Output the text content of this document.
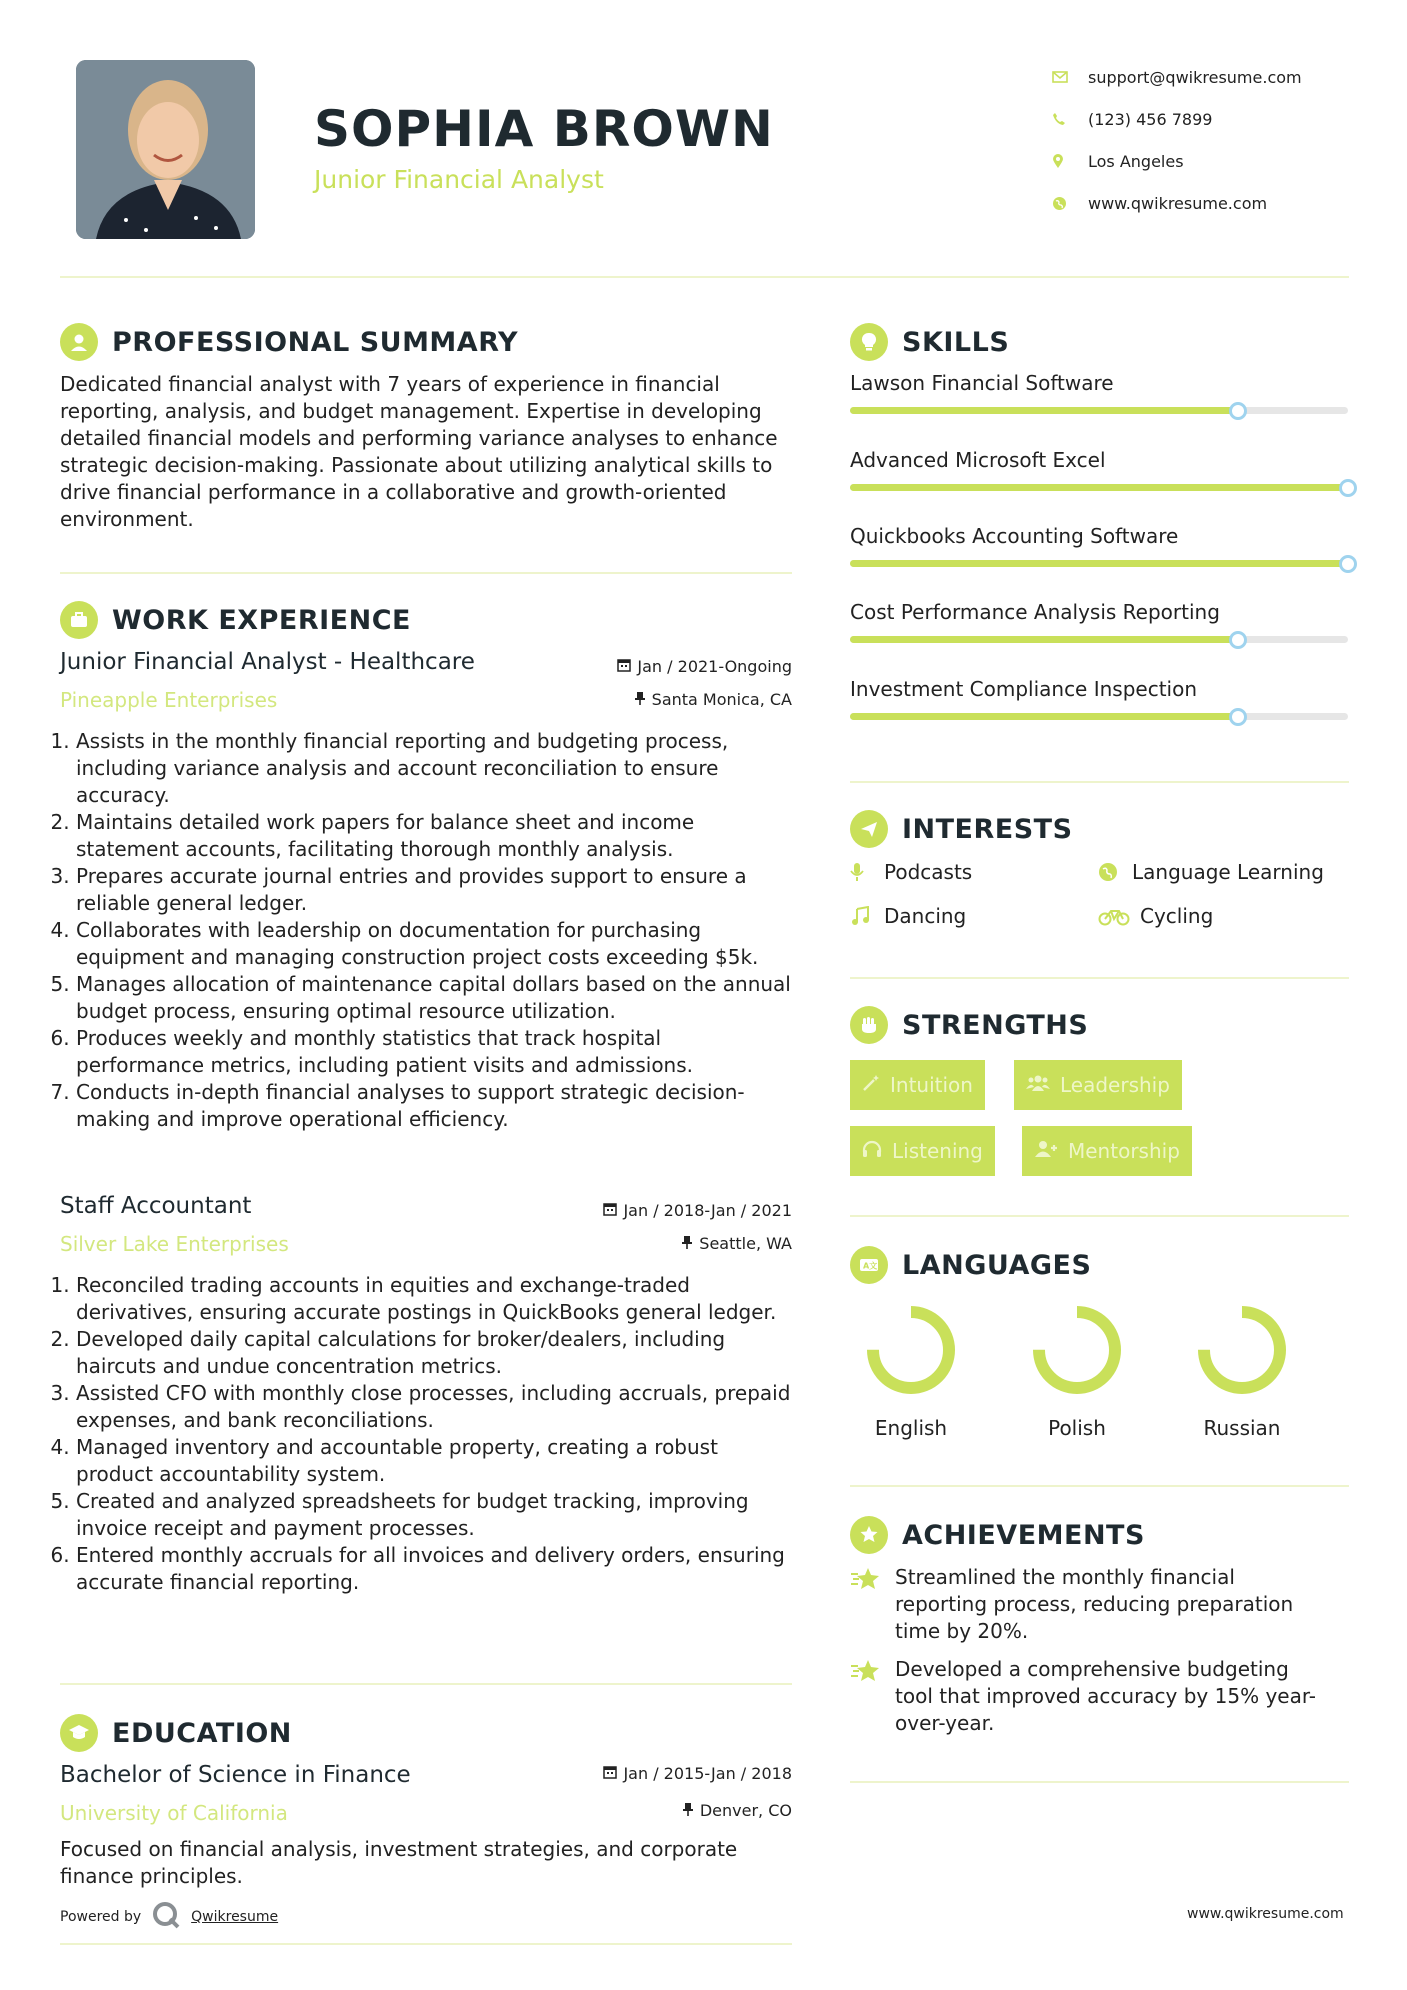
SOPHIA BROWN
Junior Financial Analyst
support@qwikresume.com
(123) 456 7899
Los Angeles
www.qwikresume.com
PROFESSIONAL SUMMARY
Dedicated financial analyst with 7 years of experience in financial reporting, analysis, and budget management. Expertise in developing detailed financial models and performing variance analyses to enhance strategic decision-making. Passionate about utilizing analytical skills to drive financial performance in a collaborative and growth-oriented environment.
WORK EXPERIENCE
Junior Financial Analyst - Healthcare	Jan / 2021-Ongoing
Pineapple Enterprises	Santa Monica, CA
1. Assists in the monthly financial reporting and budgeting process, including variance analysis and account reconciliation to ensure accuracy.
2. Maintains detailed work papers for balance sheet and income statement accounts, facilitating thorough monthly analysis.
3. Prepares accurate journal entries and provides support to ensure a reliable general ledger.
4. Collaborates with leadership on documentation for purchasing equipment and managing construction project costs exceeding $5k.
5. Manages allocation of maintenance capital dollars based on the annual budget process, ensuring optimal resource utilization.
6. Produces weekly and monthly statistics that track hospital performance metrics, including patient visits and admissions.
7. Conducts in-depth financial analyses to support strategic decision-making and improve operational efficiency.
Staff Accountant	Jan / 2018-Jan / 2021
Silver Lake Enterprises	Seattle, WA
1. Reconciled trading accounts in equities and exchange-traded derivatives, ensuring accurate postings in QuickBooks general ledger.
2. Developed daily capital calculations for broker/dealers, including haircuts and undue concentration metrics.
3. Assisted CFO with monthly close processes, including accruals, prepaid expenses, and bank reconciliations.
4. Managed inventory and accountable property, creating a robust product accountability system.
5. Created and analyzed spreadsheets for budget tracking, improving invoice receipt and payment processes.
6. Entered monthly accruals for all invoices and delivery orders, ensuring accurate financial reporting.
EDUCATION
Bachelor of Science in Finance	Jan / 2015-Jan / 2018
University of California	Denver, CO
Focused on financial analysis, investment strategies, and corporate finance principles.
SKILLS
Lawson Financial Software
Advanced Microsoft Excel
Quickbooks Accounting Software
Cost Performance Analysis Reporting
Investment Compliance Inspection
INTERESTS
Podcasts	Language Learning
Dancing	Cycling
STRENGTHS
Intuition	Leadership
Listening	Mentorship
A文 LANGUAGES
English	Polish	Russian
ACHIEVEMENTS
Streamlined the monthly financial reporting process, reducing preparation time by 20%.
Developed a comprehensive budgeting tool that improved accuracy by 15% year-over-year.
Powered by	Qwikresume	www.qwikresume.com
